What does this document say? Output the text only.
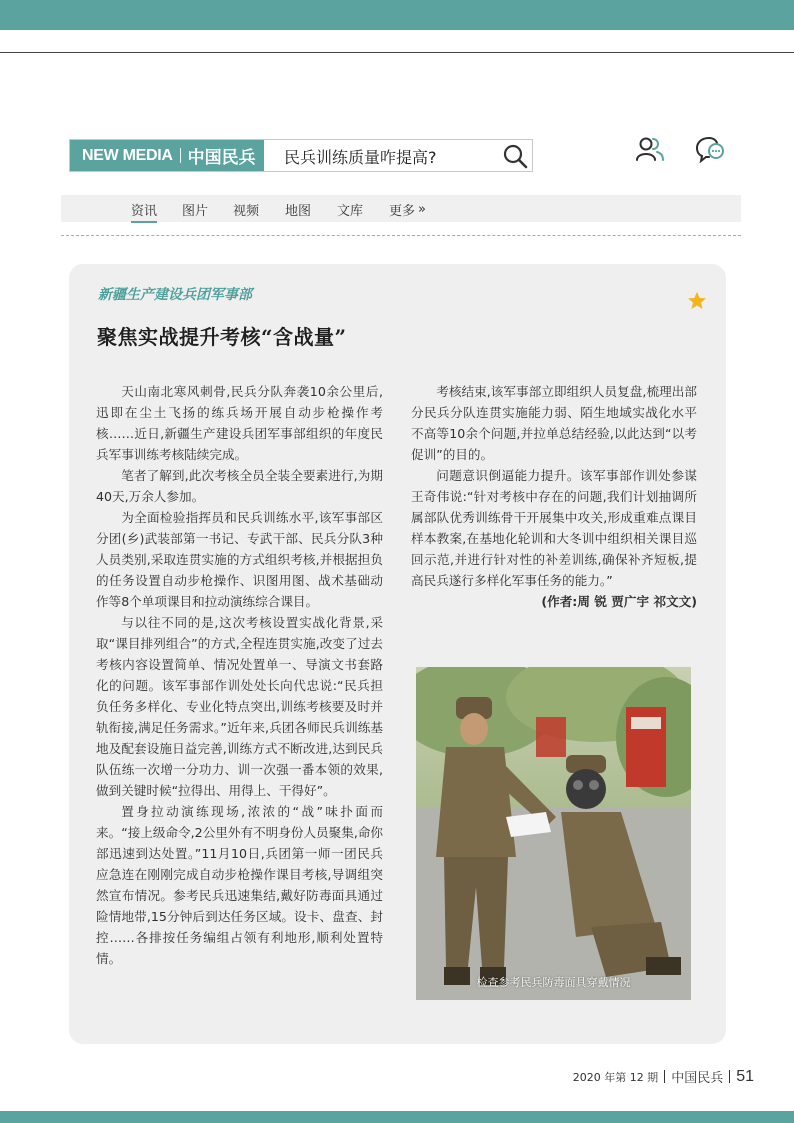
NEW MEDIA 中国民兵
民兵训练质量咋提高?
资讯 图片 视频 地图 文库 更多 »
新疆生产建设兵团军事部
聚焦实战提升考核“含战量”

天山南北寒风刺骨,民兵分队奔袭10余公里后,迅即在尘土飞扬的练兵场开展自动步枪操作考核……近日,新疆生产建设兵团军事部组织的年度民兵军事训练考核陆续完成。

笔者了解到,此次考核全员全装全要素进行,为期40天,万余人参加。

为全面检验指挥员和民兵训练水平,该军事部区分团(乡)武装部第一书记、专武干部、民兵分队3种人员类别,采取连贯实施的方式组织考核,并根据担负的任务设置自动步枪操作、识图用图、战术基础动作等8个单项课目和拉动演练综合课目。

与以往不同的是,这次考核设置实战化背景,采取“课目排列组合”的方式,全程连贯实施,改变了过去考核内容设置简单、情况处置单一、导演文书套路化的问题。该军事部作训处处长向代忠说:“民兵担负任务多样化、专业化特点突出,训练考核要及时并轨衔接,满足任务需求。”近年来,兵团各师民兵训练基地及配套设施日益完善,训练方式不断改进,达到民兵队伍练一次增一分功力、训一次强一番本领的效果,做到关键时候“拉得出、用得上、干得好”。

置身拉动演练现场,浓浓的“战”味扑面而来。“接上级命令,2公里外有不明身份人员聚集,命你部迅速到达处置。”11月10日,兵团第一师一团民兵应急连在刚刚完成自动步枪操作课目考核,导调组突然宣布情况。参考民兵迅速集结,戴好防毒面具通过险情地带,15分钟后到达任务区域。设卡、盘查、封控……各排按任务编组占领有利地形,顺利处置特情。

考核结束,该军事部立即组织人员复盘,梳理出部分民兵分队连贯实施能力弱、陌生地域实战化水平不高等10余个问题,并拉单总结经验,以此达到“以考促训”的目的。

问题意识倒逼能力提升。该军事部作训处参谋王奇伟说:“针对考核中存在的问题,我们计划抽调所属部队优秀训练骨干开展集中攻关,形成重难点课目样本教案,在基地化轮训和大冬训中组织相关课目巡回示范,并进行针对性的补差训练,确保补齐短板,提高民兵遂行多样化军事任务的能力。”

(作者:周 锐 贾广宇 祁文文)

检查参考民兵防毒面具穿戴情况
2020 年第 12 期 中国民兵 51
